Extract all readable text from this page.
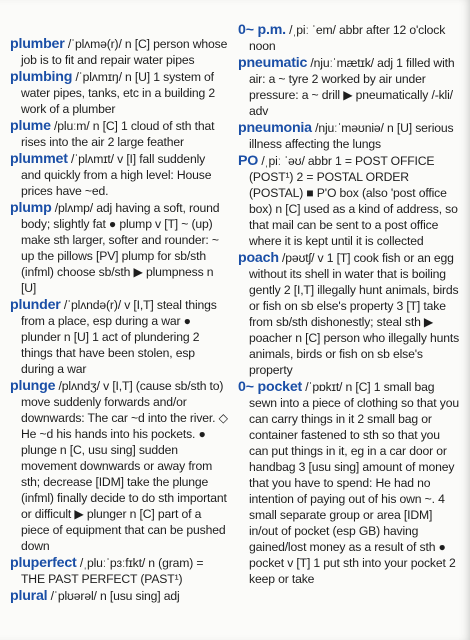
plumber /ˈplʌmə(r)/ n [C] person whose job is to fit and repair water pipes
plumbing /ˈplʌmɪŋ/ n [U] 1 system of water pipes, tanks, etc in a building 2 work of a plumber
plume /pluːm/ n [C] 1 cloud of sth that rises into the air 2 large feather
plummet /ˈplʌmɪt/ v [I] fall suddenly and quickly from a high level: House prices have ~ed.
plump /plʌmp/ adj having a soft, round body; slightly fat ● plump v [T] ~ (up) make sth larger, softer and rounder: ~ up the pillows [PV] plump for sb/sth (infml) choose sb/sth ▶ plumpness n [U]
plunder /ˈplʌndə(r)/ v [I,T] steal things from a place, esp during a war ● plunder n [U] 1 act of plundering 2 things that have been stolen, esp during a war
plunge /plʌndʒ/ v [I,T] (cause sb/sth to) move suddenly forwards and/or downwards: The car ~d into the river. ◇ He ~d his hands into his pockets. ● plunge n [C, usu sing] sudden movement downwards or away from sth; decrease [IDM] take the plunge (infml) finally decide to do sth important or difficult ▶ plunger n [C] part of a piece of equipment that can be pushed down
pluperfect /ˌpluːˈpɜːfɪkt/ n (gram) = THE PAST PERFECT (PAST¹)
plural /ˈplʊərəl/ n [usu sing] adj
0~ p.m. /ˌpiː ˈem/ abbr after 12 o'clock noon
pneumatic /njuːˈmætɪk/ adj 1 filled with air: a ~ tyre 2 worked by air under pressure: a ~ drill ▶ pneumatically /-kli/ adv
pneumonia /njuːˈməʊniə/ n [U] serious illness affecting the lungs
PO /ˌpiː ˈəʊ/ abbr 1 = POST OFFICE (POST¹) 2 = POSTAL ORDER (POSTAL) ■ P'O box (also 'post office box) n [C] used as a kind of address, so that mail can be sent to a post office where it is kept until it is collected
poach /pəʊtʃ/ v 1 [T] cook fish or an egg without its shell in water that is boiling gently 2 [I,T] illegally hunt animals, birds or fish on sb else's property 3 [T] take from sb/sth dishonestly; steal sth ▶ poacher n [C] person who illegally hunts animals, birds or fish on sb else's property
0~ pocket /ˈpɒkɪt/ n [C] 1 small bag sewn into a piece of clothing so that you can carry things in it 2 small bag or container fastened to sth so that you can put things in it, eg in a car door or handbag 3 [usu sing] amount of money that you have to spend: He had no intention of paying out of his own ~. 4 small separate group or area [IDM] in/out of pocket (esp GB) having gained/lost money as a result of sth ● pocket v [T] 1 put sth into your pocket 2 keep or take
